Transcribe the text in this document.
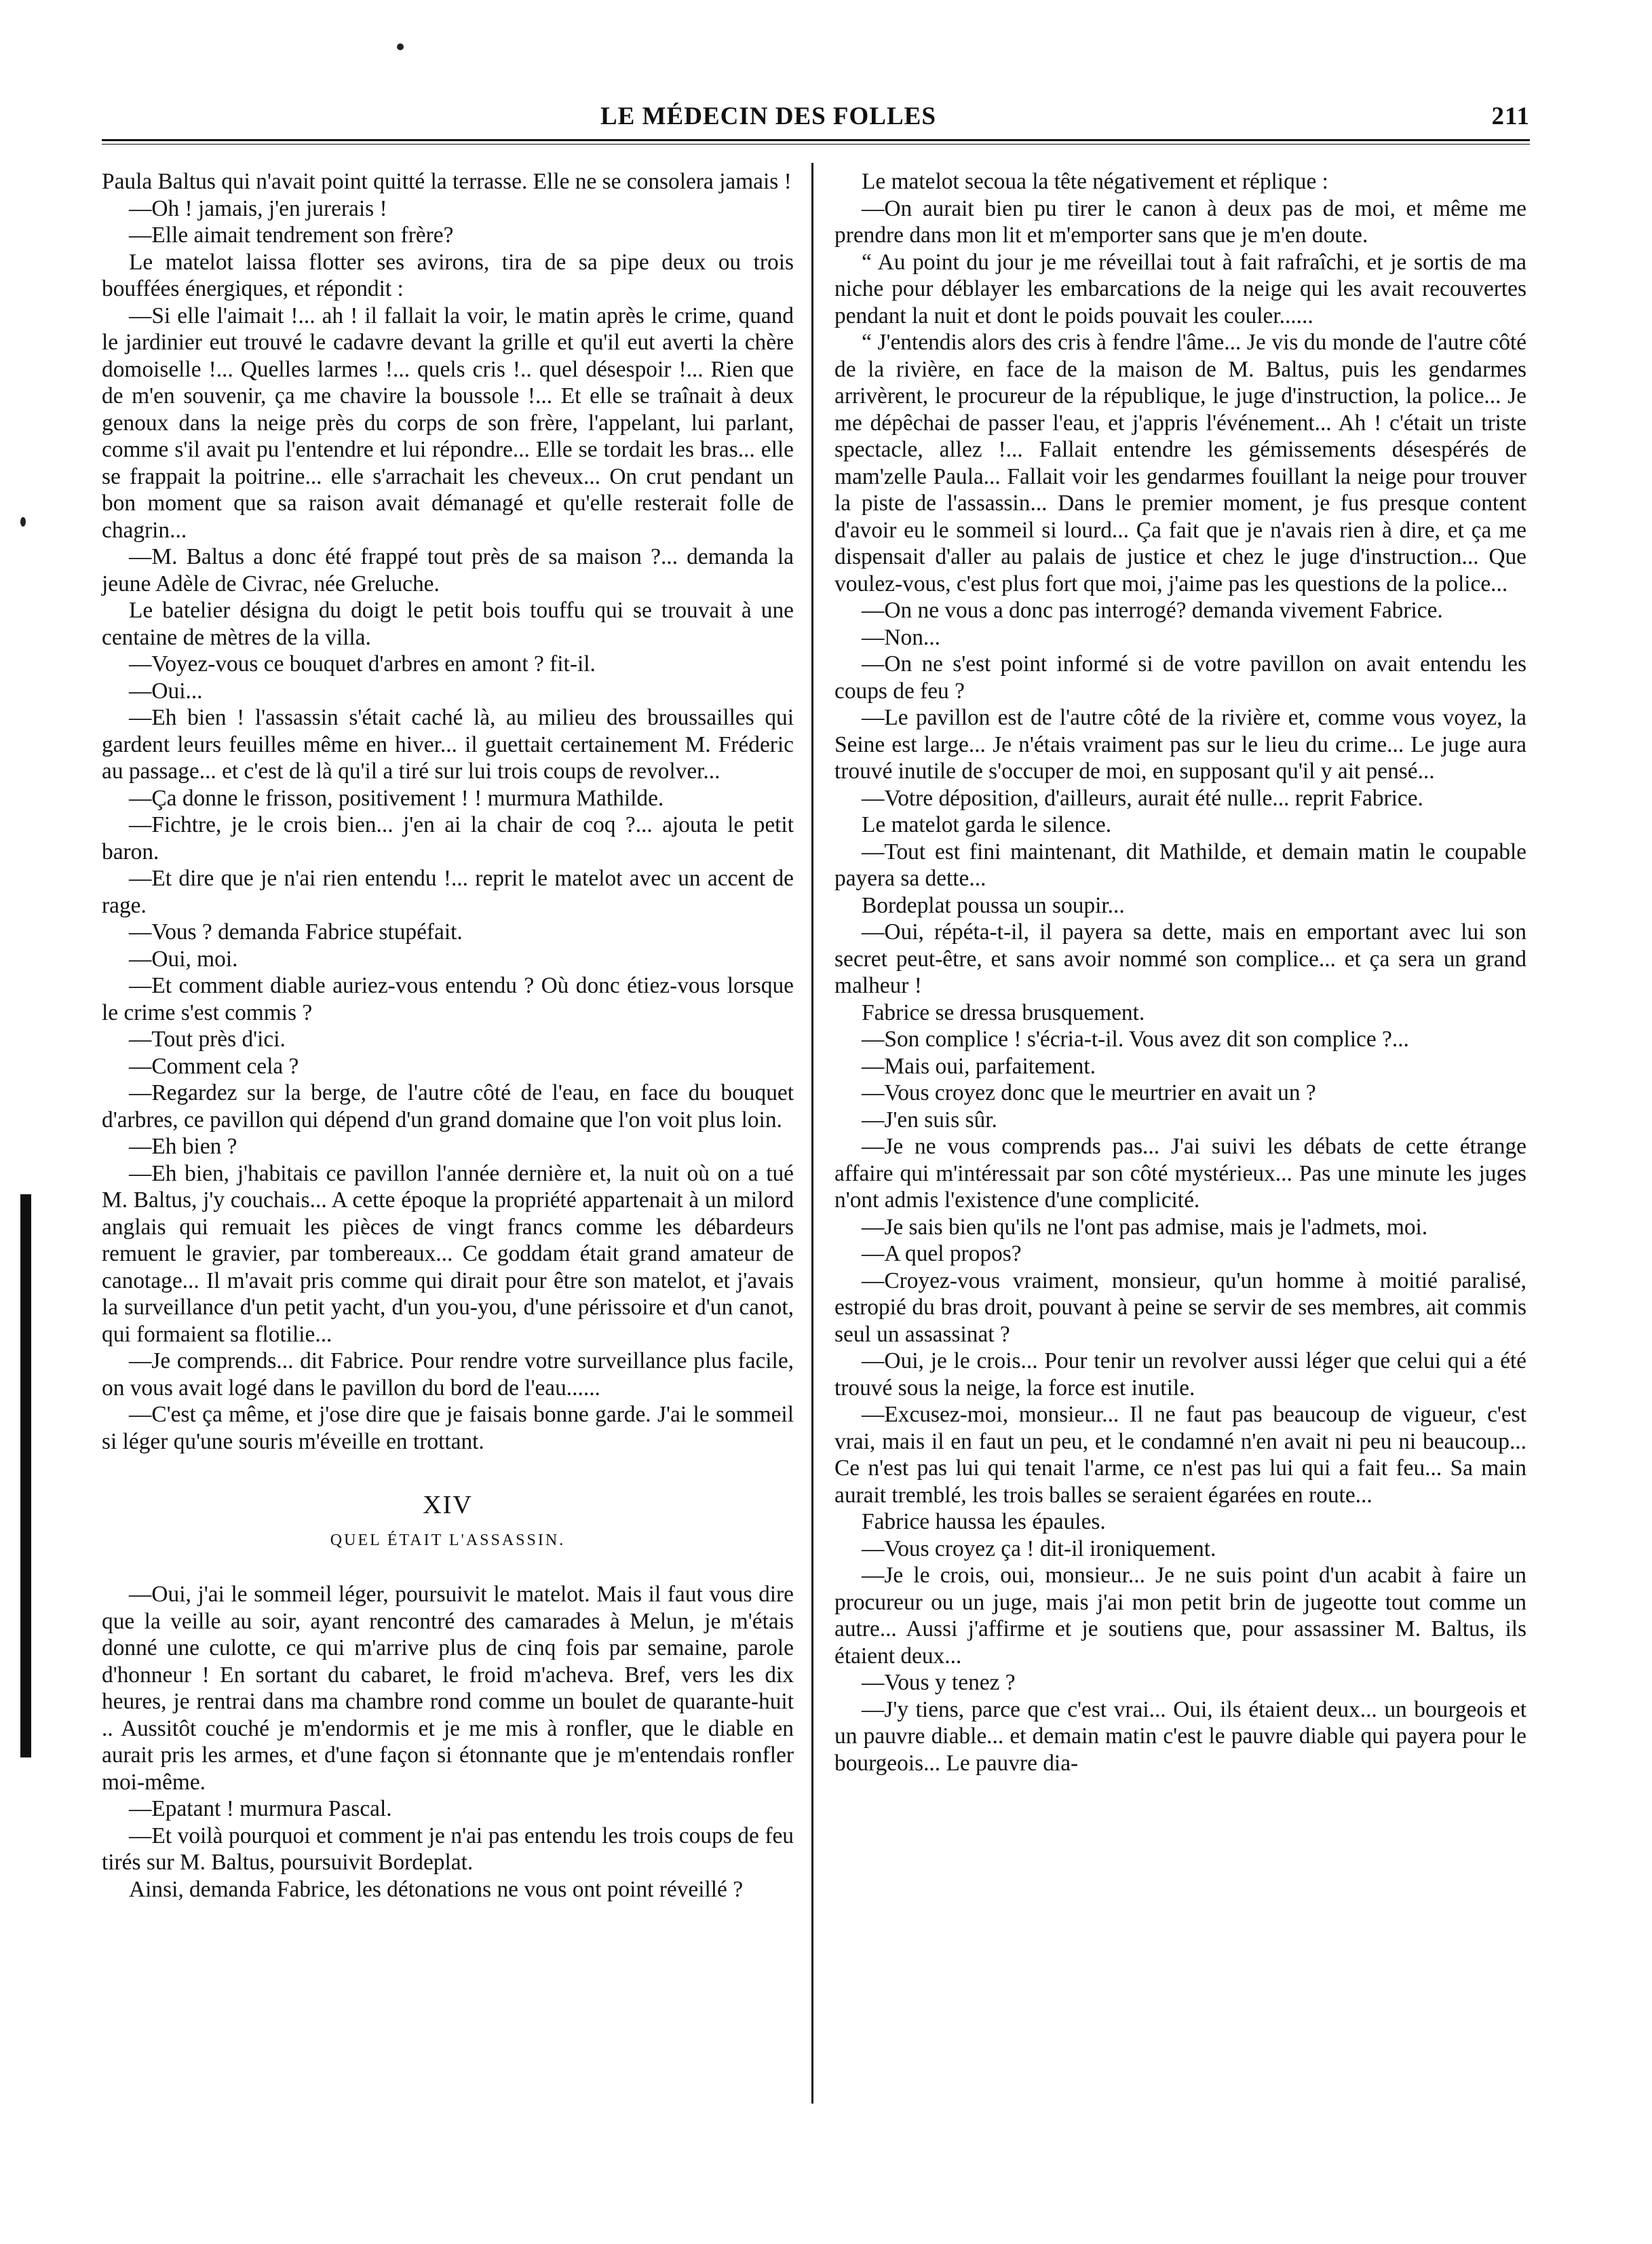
LE MÉDECIN DES FOLLES	211

Paula Baltus qui n'avait point quitté la terrasse. Elle ne se consolera jamais !

—Oh ! jamais, j'en jurerais !

—Elle aimait tendrement son frère?

Le matelot laissa flotter ses avirons, tira de sa pipe deux ou trois bouffées énergiques, et répondit :

—Si elle l'aimait !... ah ! il fallait la voir, le matin après le crime, quand le jardinier eut trouvé le cadavre devant la grille et qu'il eut averti la chère domoiselle !... Quelles larmes !... quels cris !.. quel désespoir !... Rien que de m'en souvenir, ça me chavire la boussole !... Et elle se traînait à deux genoux dans la neige près du corps de son frère, l'appelant, lui parlant, comme s'il avait pu l'entendre et lui répondre... Elle se tordait les bras... elle se frappait la poitrine... elle s'arrachait les cheveux... On crut pendant un bon moment que sa raison avait démanagé et qu'elle resterait folle de chagrin...

—M. Baltus a donc été frappé tout près de sa maison ?... demanda la jeune Adèle de Civrac, née Greluche.

Le batelier désigna du doigt le petit bois touffu qui se trouvait à une centaine de mètres de la villa.

—Voyez-vous ce bouquet d'arbres en amont ? fit-il.

—Oui...

—Eh bien ! l'assassin s'était caché là, au milieu des broussailles qui gardent leurs feuilles même en hiver... il guettait certainement M. Fréderic au passage... et c'est de là qu'il a tiré sur lui trois coups de revolver...

—Ça donne le frisson, positivement ! ! murmura Mathilde.

—Fichtre, je le crois bien... j'en ai la chair de coq ?... ajouta le petit baron.

—Et dire que je n'ai rien entendu !... reprit le matelot avec un accent de rage.

—Vous ? demanda Fabrice stupéfait.

—Oui, moi.

—Et comment diable auriez-vous entendu ? Où donc étiez-vous lorsque le crime s'est commis ?

—Tout près d'ici.

—Comment cela ?

—Regardez sur la berge, de l'autre côté de l'eau, en face du bouquet d'arbres, ce pavillon qui dépend d'un grand domaine que l'on voit plus loin.

—Eh bien ?

—Eh bien, j'habitais ce pavillon l'année dernière et, la nuit où on a tué M. Baltus, j'y couchais... A cette époque la propriété appartenait à un milord anglais qui remuait les pièces de vingt francs comme les débardeurs remuent le gravier, par tombereaux... Ce goddam était grand amateur de canotage... Il m'avait pris comme qui dirait pour être son matelot, et j'avais la surveillance d'un petit yacht, d'un you-you, d'une périssoire et d'un canot, qui formaient sa flotilie...

—Je comprends... dit Fabrice. Pour rendre votre surveillance plus facile, on vous avait logé dans le pavillon du bord de l'eau......

—C'est ça même, et j'ose dire que je faisais bonne garde. J'ai le sommeil si léger qu'une souris m'éveille en trottant.

XIV
QUEL ÉTAIT L'ASSASSIN.

—Oui, j'ai le sommeil léger, poursuivit le matelot. Mais il faut vous dire que la veille au soir, ayant rencontré des camarades à Melun, je m'étais donné une culotte, ce qui m'arrive plus de cinq fois par semaine, parole d'honneur ! En sortant du cabaret, le froid m'acheva. Bref, vers les dix heures, je rentrai dans ma chambre rond comme un boulet de quarante-huit .. Aussitôt couché je m'endormis et je me mis à ronfler, que le diable en aurait pris les armes, et d'une façon si étonnante que je m'entendais ronfler moi-même.

—Epatant ! murmura Pascal.

—Et voilà pourquoi et comment je n'ai pas entendu les trois coups de feu tirés sur M. Baltus, poursuivit Bordeplat.

Ainsi, demanda Fabrice, les détonations ne vous ont point réveillé ?

Le matelot secoua la tête négativement et réplique :

—On aurait bien pu tirer le canon à deux pas de moi, et même me prendre dans mon lit et m'emporter sans que je m'en doute.

“ Au point du jour je me réveillai tout à fait rafraîchi, et je sortis de ma niche pour déblayer les embarcations de la neige qui les avait recouvertes pendant la nuit et dont le poids pouvait les couler......

“ J'entendis alors des cris à fendre l'âme... Je vis du monde de l'autre côté de la rivière, en face de la maison de M. Baltus, puis les gendarmes arrivèrent, le procureur de la république, le juge d'instruction, la police... Je me dépêchai de passer l'eau, et j'appris l'événement... Ah ! c'était un triste spectacle, allez !... Fallait entendre les gémissements désespérés de mam'zelle Paula... Fallait voir les gendarmes fouillant la neige pour trouver la piste de l'assassin... Dans le premier moment, je fus presque content d'avoir eu le sommeil si lourd... Ça fait que je n'avais rien à dire, et ça me dispensait d'aller au palais de justice et chez le juge d'instruction... Que voulez-vous, c'est plus fort que moi, j'aime pas les questions de la police...

—On ne vous a donc pas interrogé? demanda vivement Fabrice.

—Non...

—On ne s'est point informé si de votre pavillon on avait entendu les coups de feu ?

—Le pavillon est de l'autre côté de la rivière et, comme vous voyez, la Seine est large... Je n'étais vraiment pas sur le lieu du crime... Le juge aura trouvé inutile de s'occuper de moi, en supposant qu'il y ait pensé...

—Votre déposition, d'ailleurs, aurait été nulle... reprit Fabrice.

Le matelot garda le silence.

—Tout est fini maintenant, dit Mathilde, et demain matin le coupable payera sa dette...

Bordeplat poussa un soupir...

—Oui, répéta-t-il, il payera sa dette, mais en emportant avec lui son secret peut-être, et sans avoir nommé son complice... et ça sera un grand malheur !

Fabrice se dressa brusquement.

—Son complice ! s'écria-t-il. Vous avez dit son complice ?...

—Mais oui, parfaitement.

—Vous croyez donc que le meurtrier en avait un ?

—J'en suis sûr.

—Je ne vous comprends pas... J'ai suivi les débats de cette étrange affaire qui m'intéressait par son côté mystérieux... Pas une minute les juges n'ont admis l'existence d'une complicité.

—Je sais bien qu'ils ne l'ont pas admise, mais je l'admets, moi.

—A quel propos?

—Croyez-vous vraiment, monsieur, qu'un homme à moitié paralisé, estropié du bras droit, pouvant à peine se servir de ses membres, ait commis seul un assassinat ?

—Oui, je le crois... Pour tenir un revolver aussi léger que celui qui a été trouvé sous la neige, la force est inutile.

—Excusez-moi, monsieur... Il ne faut pas beaucoup de vigueur, c'est vrai, mais il en faut un peu, et le condamné n'en avait ni peu ni beaucoup... Ce n'est pas lui qui tenait l'arme, ce n'est pas lui qui a fait feu... Sa main aurait tremblé, les trois balles se seraient égarées en route...

Fabrice haussa les épaules.

—Vous croyez ça ! dit-il ironiquement.

—Je le crois, oui, monsieur... Je ne suis point d'un acabit à faire un procureur ou un juge, mais j'ai mon petit brin de jugeotte tout comme un autre... Aussi j'affirme et je soutiens que, pour assassiner M. Baltus, ils étaient deux...

—Vous y tenez ?

—J'y tiens, parce que c'est vrai... Oui, ils étaient deux... un bourgeois et un pauvre diable... et demain matin c'est le pauvre diable qui payera pour le bourgeois... Le pauvre dia-
